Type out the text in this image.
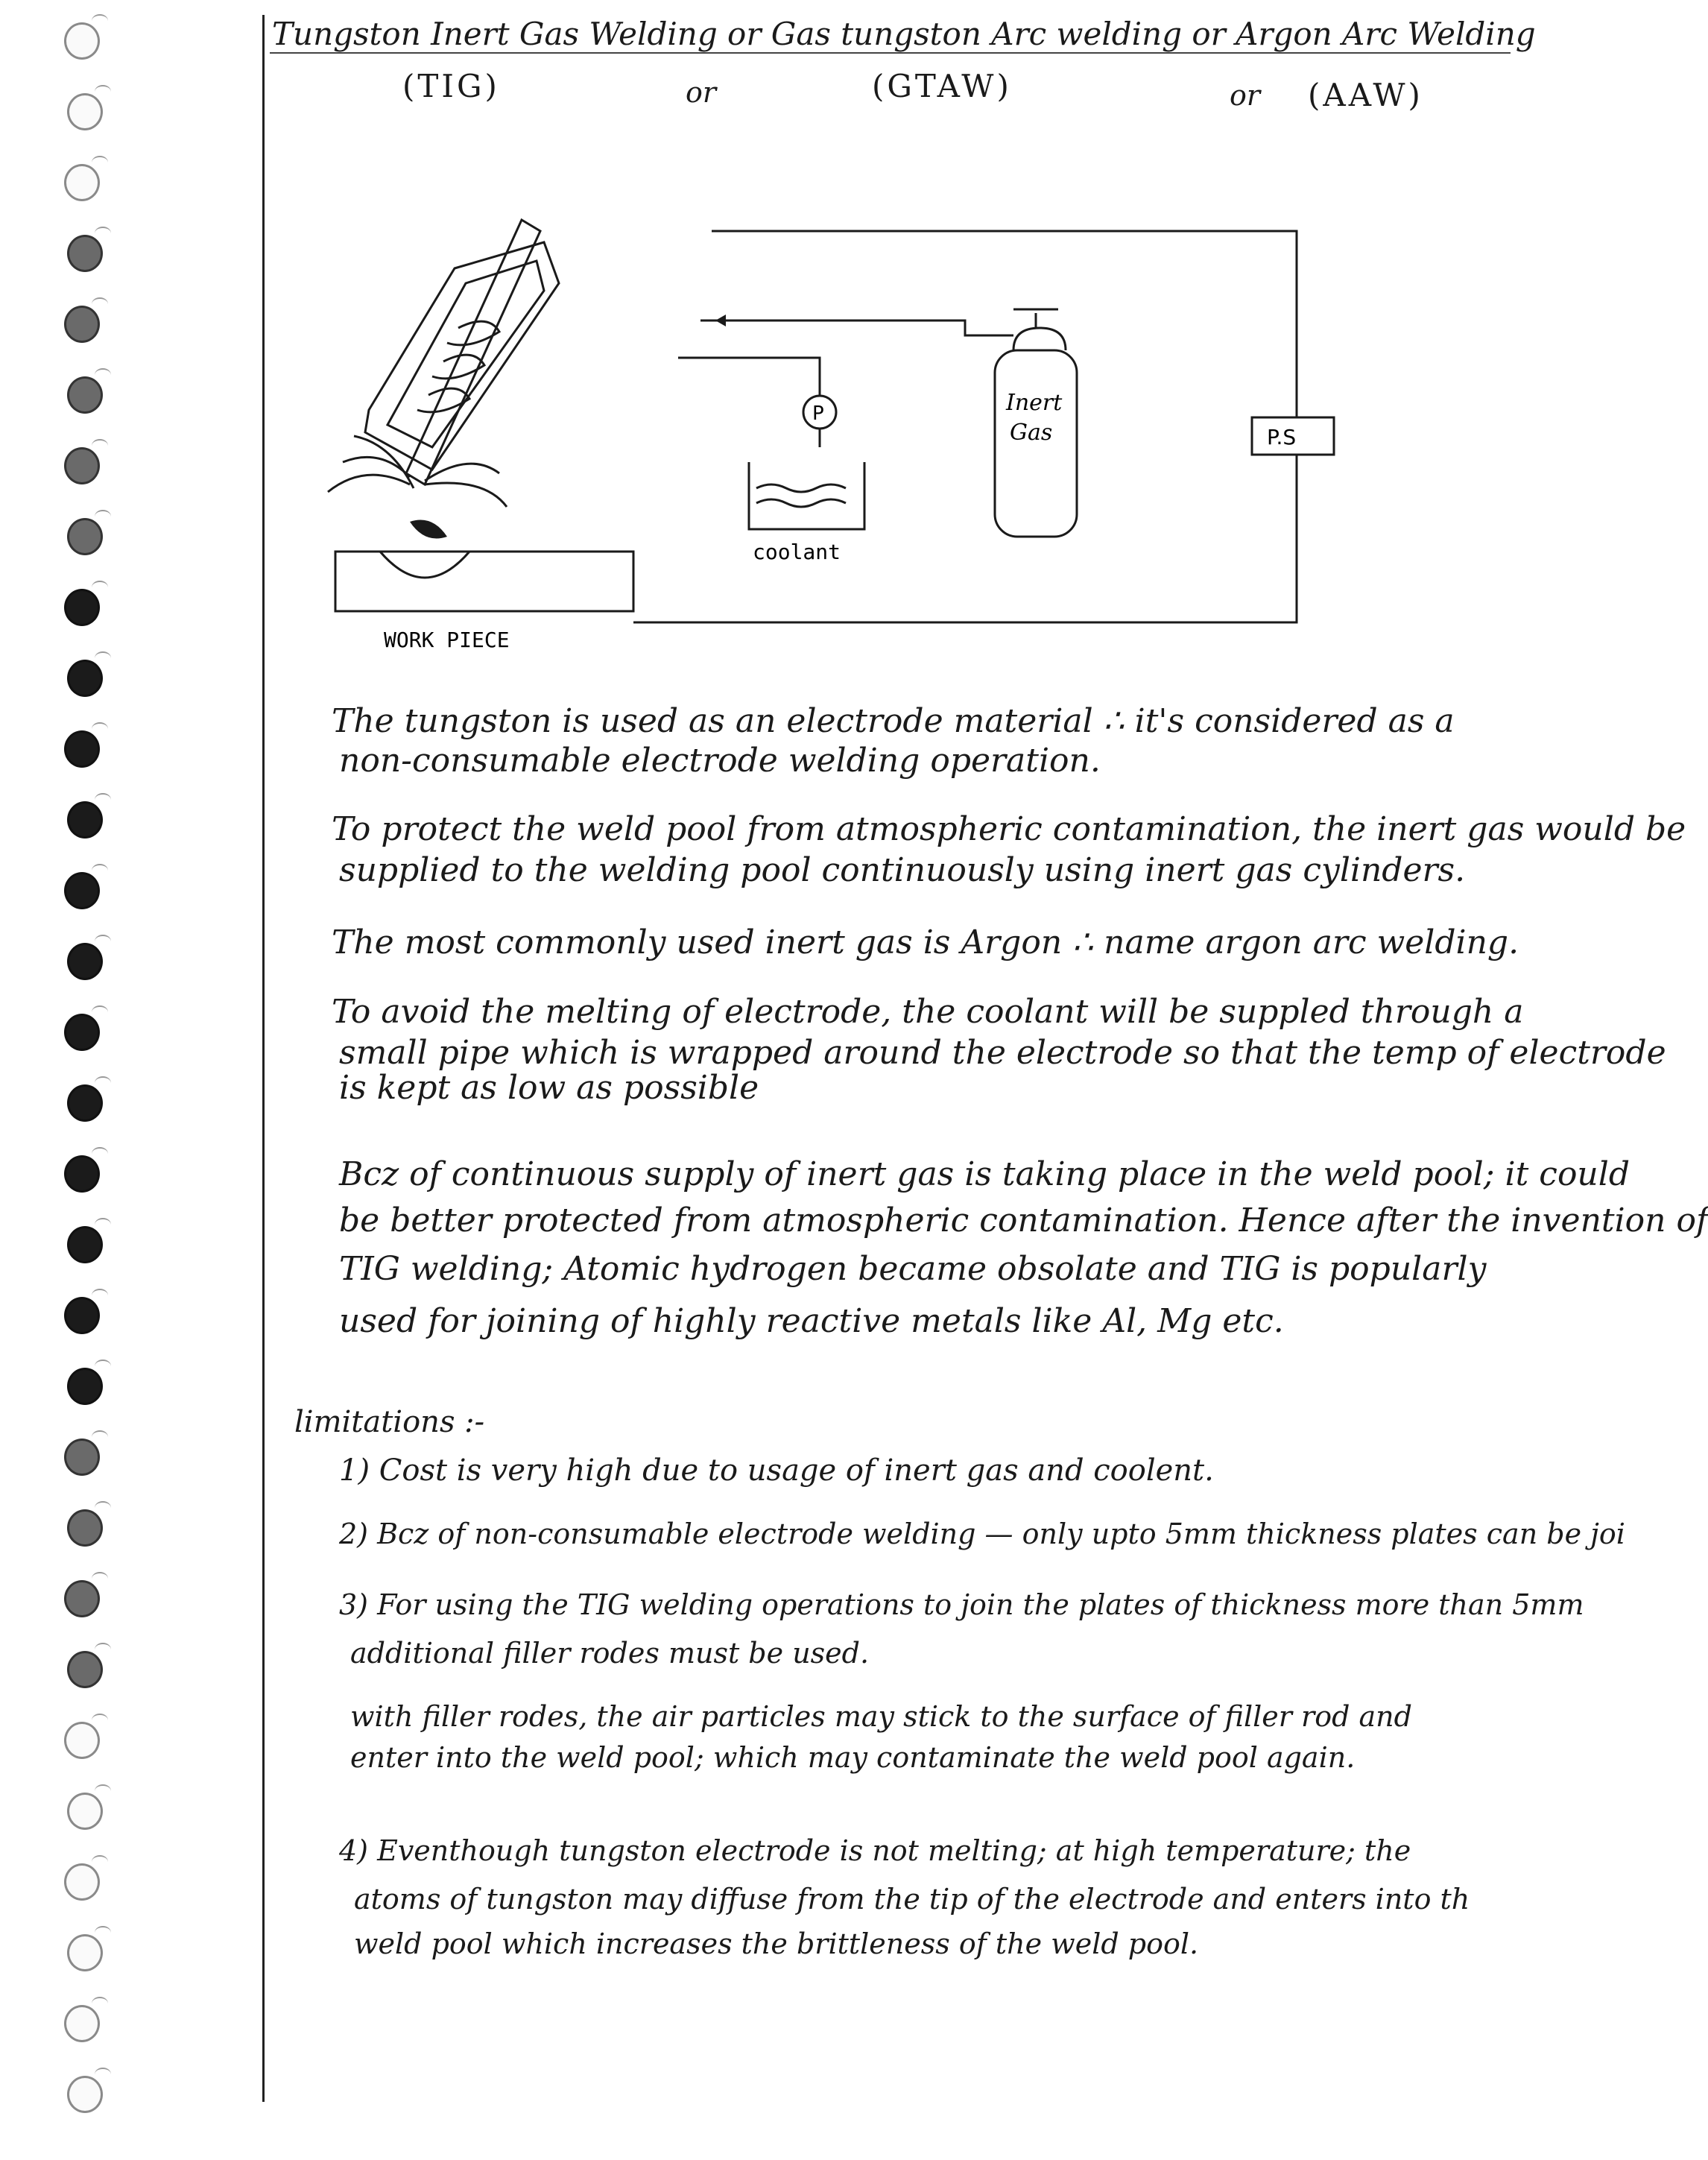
Tungston Inert Gas Welding or Gas tungston Arc welding or Argon Arc Welding
(TIG)	or	(GTAW)	or (AAW)
P	Inert
Gas	P.S
coolant
WORK PIECE
The tungston is used as an electrode material ∴ it's considered as a
non-consumable electrode welding operation.
To protect the weld pool from atmospheric contamination, the inert gas would be
supplied to the welding pool continuously using inert gas cylinders.
The most commonly used inert gas is Argon ∴ name argon arc welding.
To avoid the melting of electrode, the coolant will be suppled through a
small pipe which is wrapped around the electrode so that the temp of electrode
is kept as low as possible
Bcz of continuous supply of inert gas is taking place in the weld pool; it could
be better protected from atmospheric contamination. Hence after the invention of
TIG welding; Atomic hydrogen became obsolate and TIG is popularly
used for joining of highly reactive metals like Al, Mg etc.
limitations :-
1) Cost is very high due to usage of inert gas and coolent.
2) Bcz of non-consumable electrode welding — only upto 5mm thickness plates can be joi
3) For using the TIG welding operations to join the plates of thickness more than 5mm
additional filler rodes must be used.
with filler rodes, the air particles may stick to the surface of filler rod and
enter into the weld pool; which may contaminate the weld pool again.
4) Eventhough tungston electrode is not melting; at high temperature; the
atoms of tungston may diffuse from the tip of the electrode and enters into th
weld pool which increases the brittleness of the weld pool.
